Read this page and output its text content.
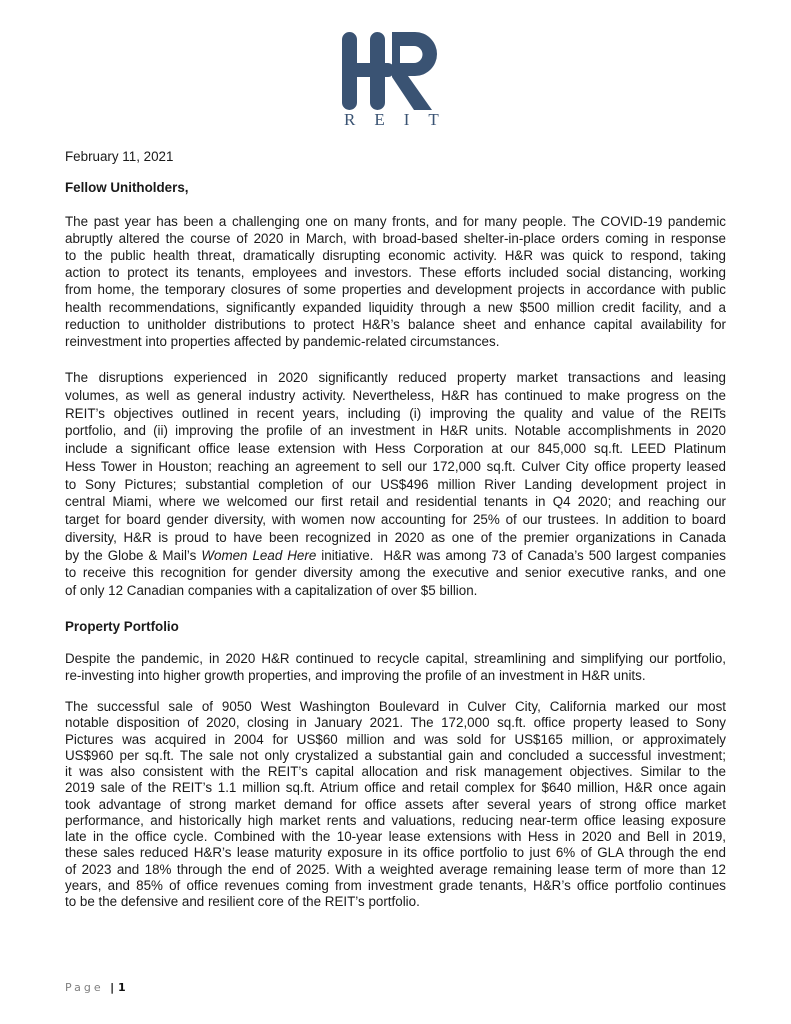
REIT
February 11, 2021
Fellow Unitholders,
The past year has been a challenging one on many fronts, and for many people. The COVID-19 pandemic
abruptly altered the course of 2020 in March, with broad-based shelter-in-place orders coming in response
to the public health threat, dramatically disrupting economic activity. H&R was quick to respond, taking
action to protect its tenants, employees and investors. These efforts included social distancing, working
from home, the temporary closures of some properties and development projects in accordance with public
health recommendations, significantly expanded liquidity through a new $500 million credit facility, and a
reduction to unitholder distributions to protect H&R’s balance sheet and enhance capital availability for
reinvestment into properties affected by pandemic-related circumstances.
The disruptions experienced in 2020 significantly reduced property market transactions and leasing
volumes, as well as general industry activity. Nevertheless, H&R has continued to make progress on the
REIT’s objectives outlined in recent years, including (i) improving the quality and value of the REITs
portfolio, and (ii) improving the profile of an investment in H&R units. Notable accomplishments in 2020
include a significant office lease extension with Hess Corporation at our 845,000 sq.ft. LEED Platinum
Hess Tower in Houston; reaching an agreement to sell our 172,000 sq.ft. Culver City office property leased
to Sony Pictures; substantial completion of our US$496 million River Landing development project in
central Miami, where we welcomed our first retail and residential tenants in Q4 2020; and reaching our
target for board gender diversity, with women now accounting for 25% of our trustees. In addition to board
diversity, H&R is proud to have been recognized in 2020 as one of the premier organizations in Canada
by the Globe & Mail’s Women Lead Here initiative.  H&R was among 73 of Canada’s 500 largest companies
to receive this recognition for gender diversity among the executive and senior executive ranks, and one
of only 12 Canadian companies with a capitalization of over $5 billion.
Property Portfolio
Despite the pandemic, in 2020 H&R continued to recycle capital, streamlining and simplifying our portfolio,
re-investing into higher growth properties, and improving the profile of an investment in H&R units.
The successful sale of 9050 West Washington Boulevard in Culver City, California marked our most
notable disposition of 2020, closing in January 2021. The 172,000 sq.ft. office property leased to Sony
Pictures was acquired in 2004 for US$60 million and was sold for US$165 million, or approximately
US$960 per sq.ft. The sale not only crystalized a substantial gain and concluded a successful investment;
it was also consistent with the REIT’s capital allocation and risk management objectives. Similar to the
2019 sale of the REIT’s 1.1 million sq.ft. Atrium office and retail complex for $640 million, H&R once again
took advantage of strong market demand for office assets after several years of strong office market
performance, and historically high market rents and valuations, reducing near-term office leasing exposure
late in the office cycle. Combined with the 10-year lease extensions with Hess in 2020 and Bell in 2019,
these sales reduced H&R’s lease maturity exposure in its office portfolio to just 6% of GLA through the end
of 2023 and 18% through the end of 2025. With a weighted average remaining lease term of more than 12
years, and 85% of office revenues coming from investment grade tenants, H&R’s office portfolio continues
to be the defensive and resilient core of the REIT’s portfolio.
Page | 1
